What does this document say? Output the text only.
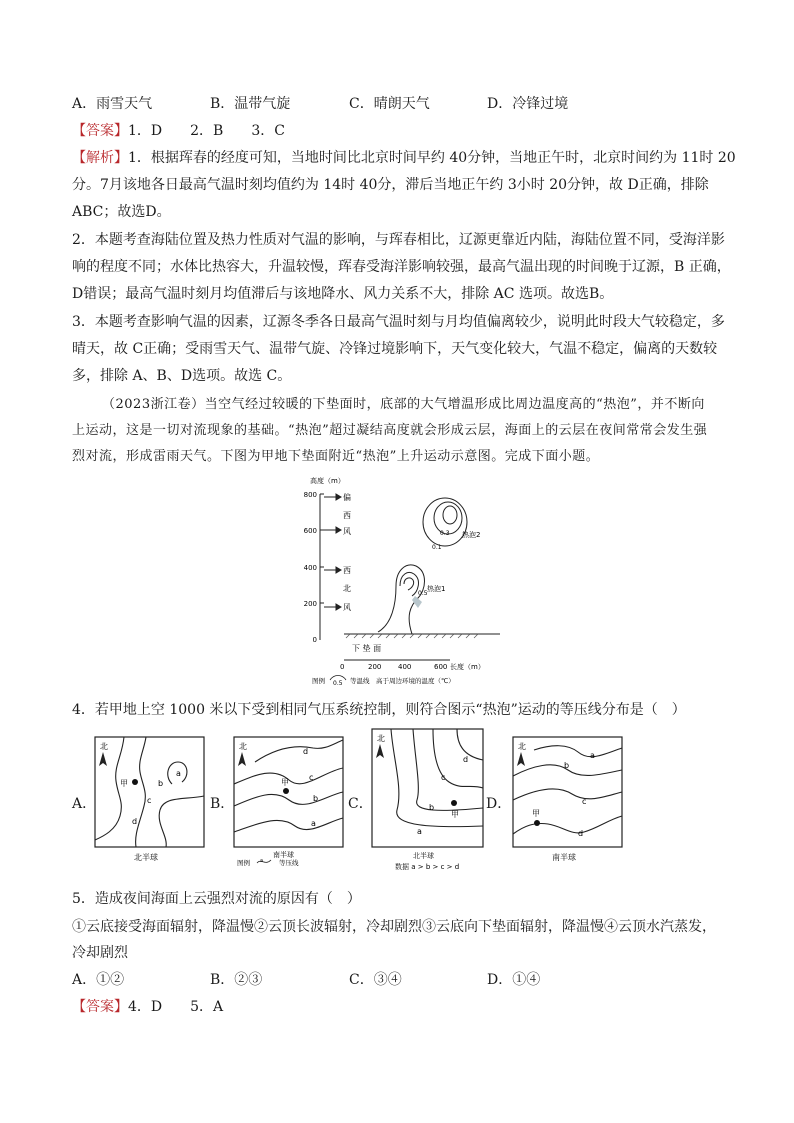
A．雨雪天气	B．温带气旋	C．晴朗天气	D．冷锋过境
【答案】1．D　　2．B　　3．C
【解析】1．根据珲春的经度可知，当地时间比北京时间早约 40分钟，当地正午时，北京时间约为 11时 20
分。7月该地各日最高气温时刻均值约为 14时 40分，滞后当地正午约 3小时 20分钟，故 D正确，排除
ABC；故选D。
2．本题考查海陆位置及热力性质对气温的影响，与珲春相比，辽源更靠近内陆，海陆位置不同，受海洋影
响的程度不同；水体比热容大，升温较慢，珲春受海洋影响较强，最高气温出现的时间晚于辽源，B 正确，
D错误；最高气温时刻月均值滞后与该地降水、风力关系不大，排除 AC 选项。故选B。
3．本题考查影响气温的因素，辽源冬季各日最高气温时刻与月均值偏离较少，说明此时段大气较稳定，多
晴天，故 C正确；受雨雪天气、温带气旋、冷锋过境影响下，天气变化较大，气温不稳定，偏离的天数较
多，排除 A、B、D选项。故选 C。
（2023浙江卷）当空气经过较暖的下垫面时，底部的大气增温形成比周边温度高的“热泡”，并不断向
上运动，这是一切对流现象的基础。“热泡”超过凝结高度就会形成云层，海面上的云层在夜间常常会发生强
烈对流，形成雷雨天气。下图为甲地下垫面附近“热泡”上升运动示意图。完成下面小题。
高度（m）
800
600
400
200
0
偏
西
风
西
北
风
热泡2
0.1
0.3
0.5
热泡1
下 垫 面
0	200 400	600 长度（m）
图例 0.5 等温线　高于周边环境的温度（℃）
4．若甲地上空 1000 米以下受到相同气压系统控制，则符合图示“热泡”运动的等压线分布是（　）
A．	B．	C．	D．
北
甲
a
b
c
d
北半球
北
甲
a
b
c
d
南半球
图例 a 等压线
北
甲
a
b
c
d
北半球
数据 a > b > c > d
北
甲
a
b
c
d
南半球
5．造成夜间海面上云强烈对流的原因有（　）
①云底接受海面辐射，降温慢②云顶长波辐射，冷却剧烈③云底向下垫面辐射，降温慢④云顶水汽蒸发，
冷却剧烈
A．①②	B．②③	C．③④	D．①④
【答案】4．D　　5．A
